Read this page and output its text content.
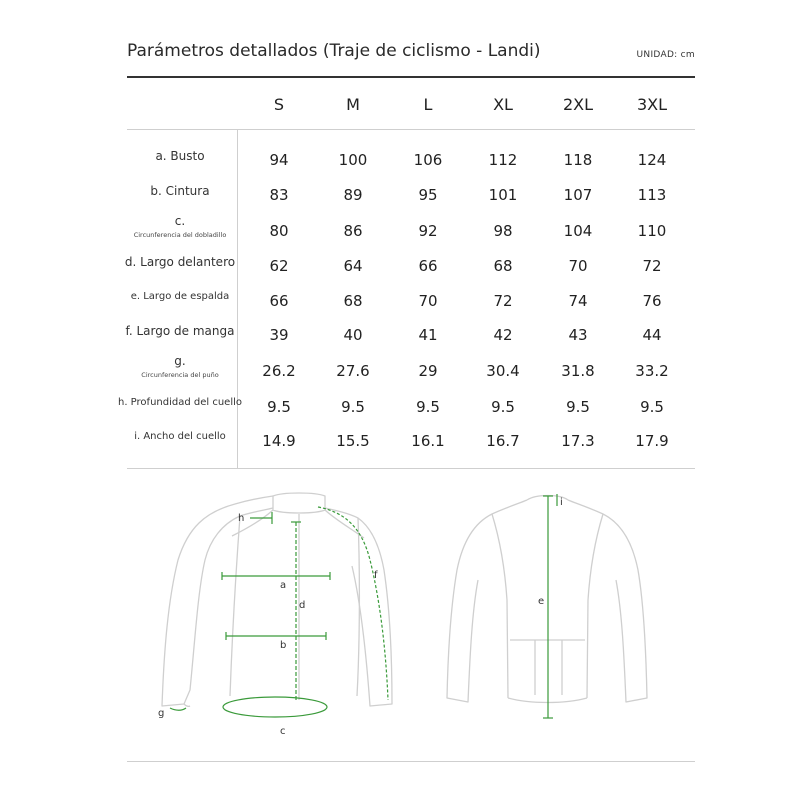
Parámetros detallados (Traje de ciclismo - Landi)	UNIDAD: cm
S	M	L	XL	2XL	3XL
a. Busto	94	100	106	112	118	124
b. Cintura	83	89	95	101	107	113
c.
Circunferencia del dobladillo	80	86	92	98	104	110
d. Largo delantero	62	64	66	68	70	72
e. Largo de espalda	66	68	70	72	74	76
f. Largo de manga	39	40	41	42	43	44
g.
Circunferencia del puño	26.2	27.6	29	30.4	31.8	33.2
h. Profundidad del cuello	9.5	9.5	9.5	9.5	9.5	9.5
i. Ancho del cuello	14.9	15.5	16.1	16.7	17.3	17.9
a
b
c
d
f
g
h
e
i
